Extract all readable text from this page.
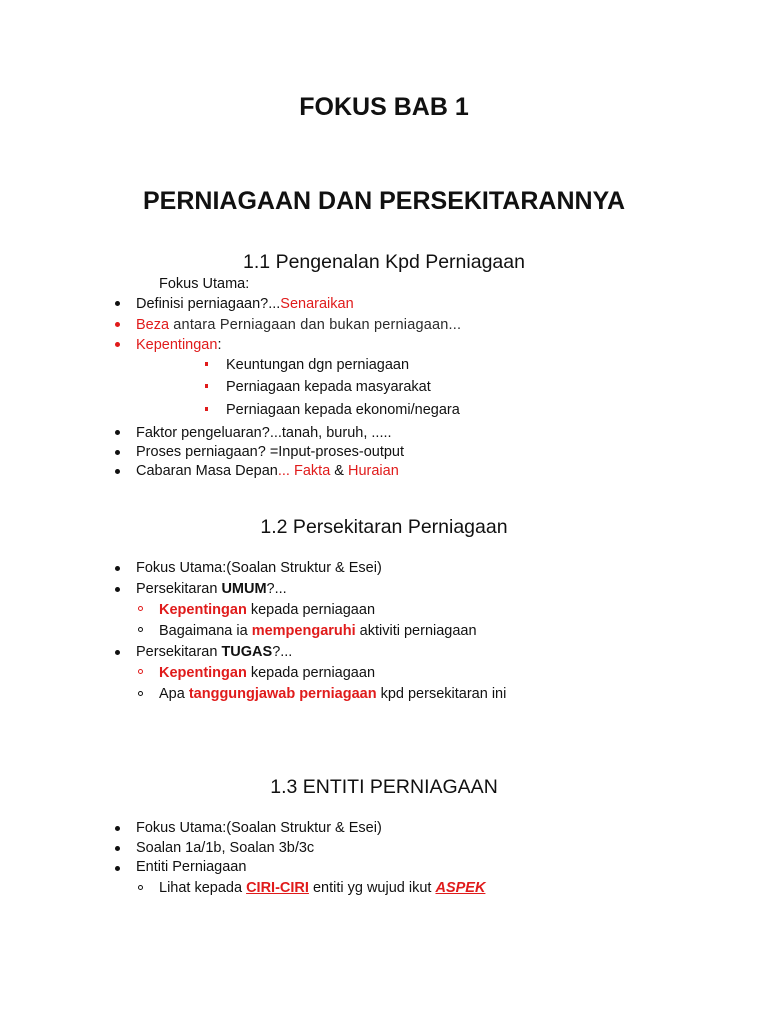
FOKUS BAB 1
PERNIAGAAN DAN PERSEKITARANNYA
1.1 Pengenalan Kpd Perniagaan
Fokus Utama:
Definisi perniagaan?...Senaraikan
Beza antara Perniagaan dan bukan perniagaan...
Kepentingan:
Keuntungan dgn perniagaan
Perniagaan kepada masyarakat
Perniagaan kepada ekonomi/negara
Faktor pengeluaran?...tanah, buruh, .....
Proses perniagaan? =Input-proses-output
Cabaran Masa Depan... Fakta & Huraian
1.2 Persekitaran Perniagaan
Fokus Utama:(Soalan Struktur & Esei)
Persekitaran UMUM?...
Kepentingan kepada perniagaan
Bagaimana ia mempengaruhi aktiviti perniagaan
Persekitaran TUGAS?...
Kepentingan kepada perniagaan
Apa tanggungjawab perniagaan kpd persekitaran ini
1.3 ENTITI PERNIAGAAN
Fokus Utama:(Soalan Struktur & Esei)
Soalan 1a/1b, Soalan 3b/3c
Entiti Perniagaan
Lihat kepada CIRI-CIRI entiti yg wujud ikut ASPEK
